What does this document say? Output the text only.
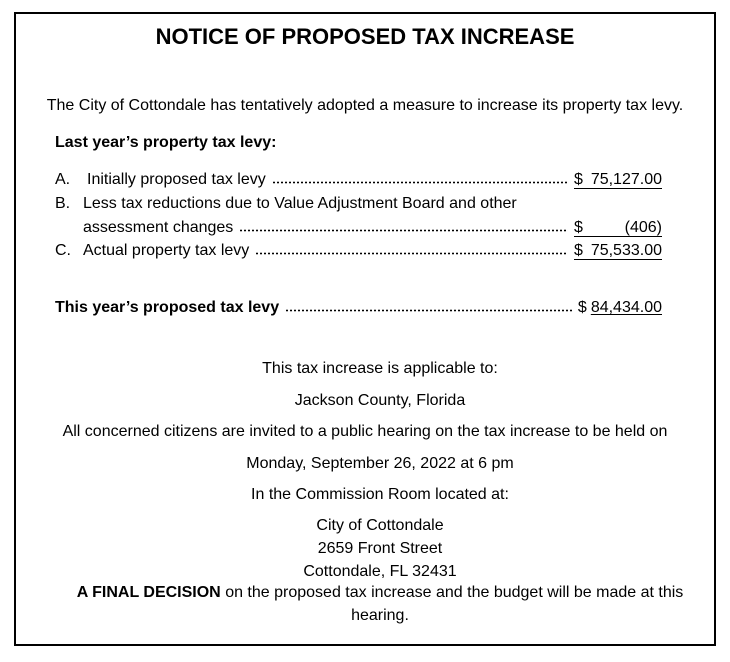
NOTICE OF PROPOSED TAX INCREASE
The City of Cottondale has tentatively adopted a measure to increase its property tax levy.
Last year’s property tax levy:
A.	Initially proposed tax levy	$ 75,127.00
B. Less tax reductions due to Value Adjustment Board and other
assessment changes	$	(406)
C. Actual property tax levy	$ 75,533.00
This year’s proposed tax levy	$ 84,434.00
This tax increase is applicable to:
Jackson County, Florida
All concerned citizens are invited to a public hearing on the tax increase to be held on
Monday, September 26, 2022 at 6 pm
In the Commission Room located at:
City of Cottondale
2659 Front Street
Cottondale, FL 32431
A FINAL DECISION on the proposed tax increase and the budget will be made at this
hearing.
